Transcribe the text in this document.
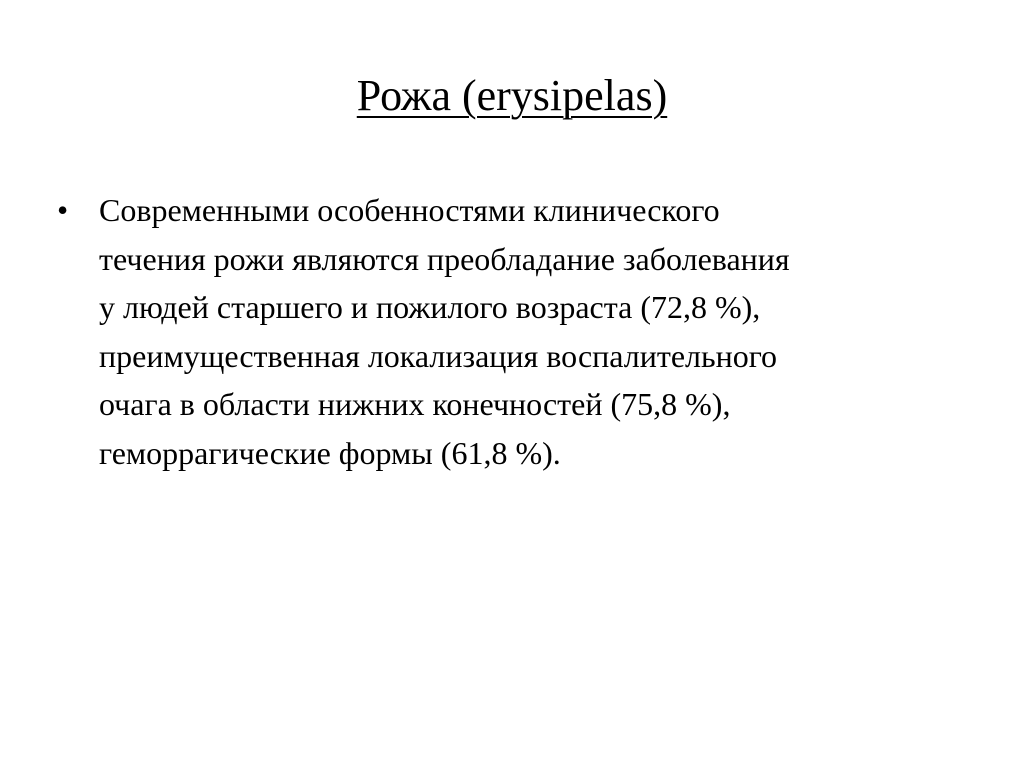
Рожа (erysipelas)
• Современными особенностями клинического
течения рожи являются преобладание заболевания
у людей старшего и пожилого возраста (72,8 %),
преимущественная локализация воспалительного
очага в области нижних конечностей (75,8 %),
геморрагические формы (61,8 %).
